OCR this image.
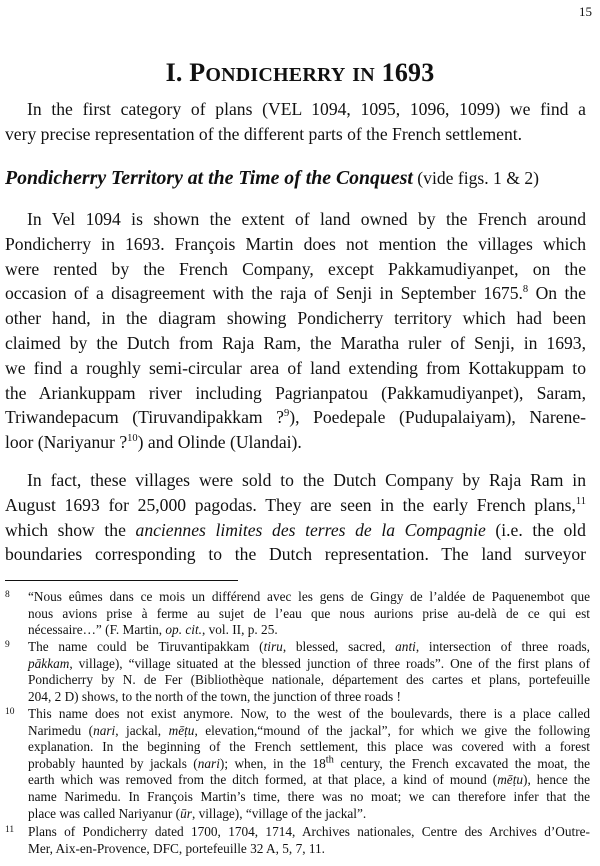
15
I. PONDICHERRY IN 1693

In the first category of plans (VEL 1094, 1095, 1096, 1099) we find a
very precise representation of the different parts of the French settlement.

Pondicherry Territory at the Time of the Conquest (vide figs. 1 & 2)

In Vel 1094 is shown the extent of land owned by the French around
Pondicherry in 1693. François Martin does not mention the villages which
were rented by the French Company, except Pakkamudiyanpet, on the
occasion of a disagreement with the raja of Senji in September 1675.$^8$ On the
other hand, in the diagram showing Pondicherry territory which had been
claimed by the Dutch from Raja Ram, the Maratha ruler of Senji, in 1693,
we find a roughly semi-circular area of land extending from Kottakuppam to
the Ariankuppam river including Pagrianpatou (Pakkamudiyanpet), Saram,
Triwandepacum (Tiruvandipakkam ?$^9$), Poedepale (Pudupalaiyam), Narene-
loor (Nariyanur ?$^{10}$) and Olinde (Ulandai).

In fact, these villages were sold to the Dutch Company by Raja Ram in
August 1693 for 25,000 pagodas. They are seen in the early French plans,$^{11}$
which show the anciennes limites des terres de la Compagnie (i.e. the old
boundaries corresponding to the Dutch representation. The land surveyor

8 “Nous eûmes dans ce mois un différend avec les gens de Gingy de l’aldée de Paquenembot que
nous avions prise à ferme au sujet de l’eau que nous aurions prise au-delà de ce qui est
nécessaire…” (F. Martin, op. cit., vol. II, p. 25.

9 The name could be Tiruvantipakkam (tiru, blessed, sacred, anti, intersection of three roads,
pākkam, village), “village situated at the blessed junction of three roads”. One of the first plans of
Pondicherry by N. de Fer (Bibliothèque nationale, département des cartes et plans, portefeuille
204, 2 D) shows, to the north of the town, the junction of three roads !

10 This name does not exist anymore. Now, to the west of the boulevards, there is a place called
Narimedu (nari, jackal, mēṭu, elevation,“mound of the jackal”, for which we give the following
explanation. In the beginning of the French settlement, this place was covered with a forest
probably haunted by jackals (nari); when, in the 18th century, the French excavated the moat, the
earth which was removed from the ditch formed, at that place, a kind of mound (mēṭu), hence the
name Narimedu. In François Martin’s time, there was no moat; we can therefore infer that the
place was called Nariyanur (ūr, village), “village of the jackal”.

11 Plans of Pondicherry dated 1700, 1704, 1714, Archives nationales, Centre des Archives d’Outre-
Mer, Aix-en-Provence, DFC, portefeuille 32 A, 5, 7, 11.
